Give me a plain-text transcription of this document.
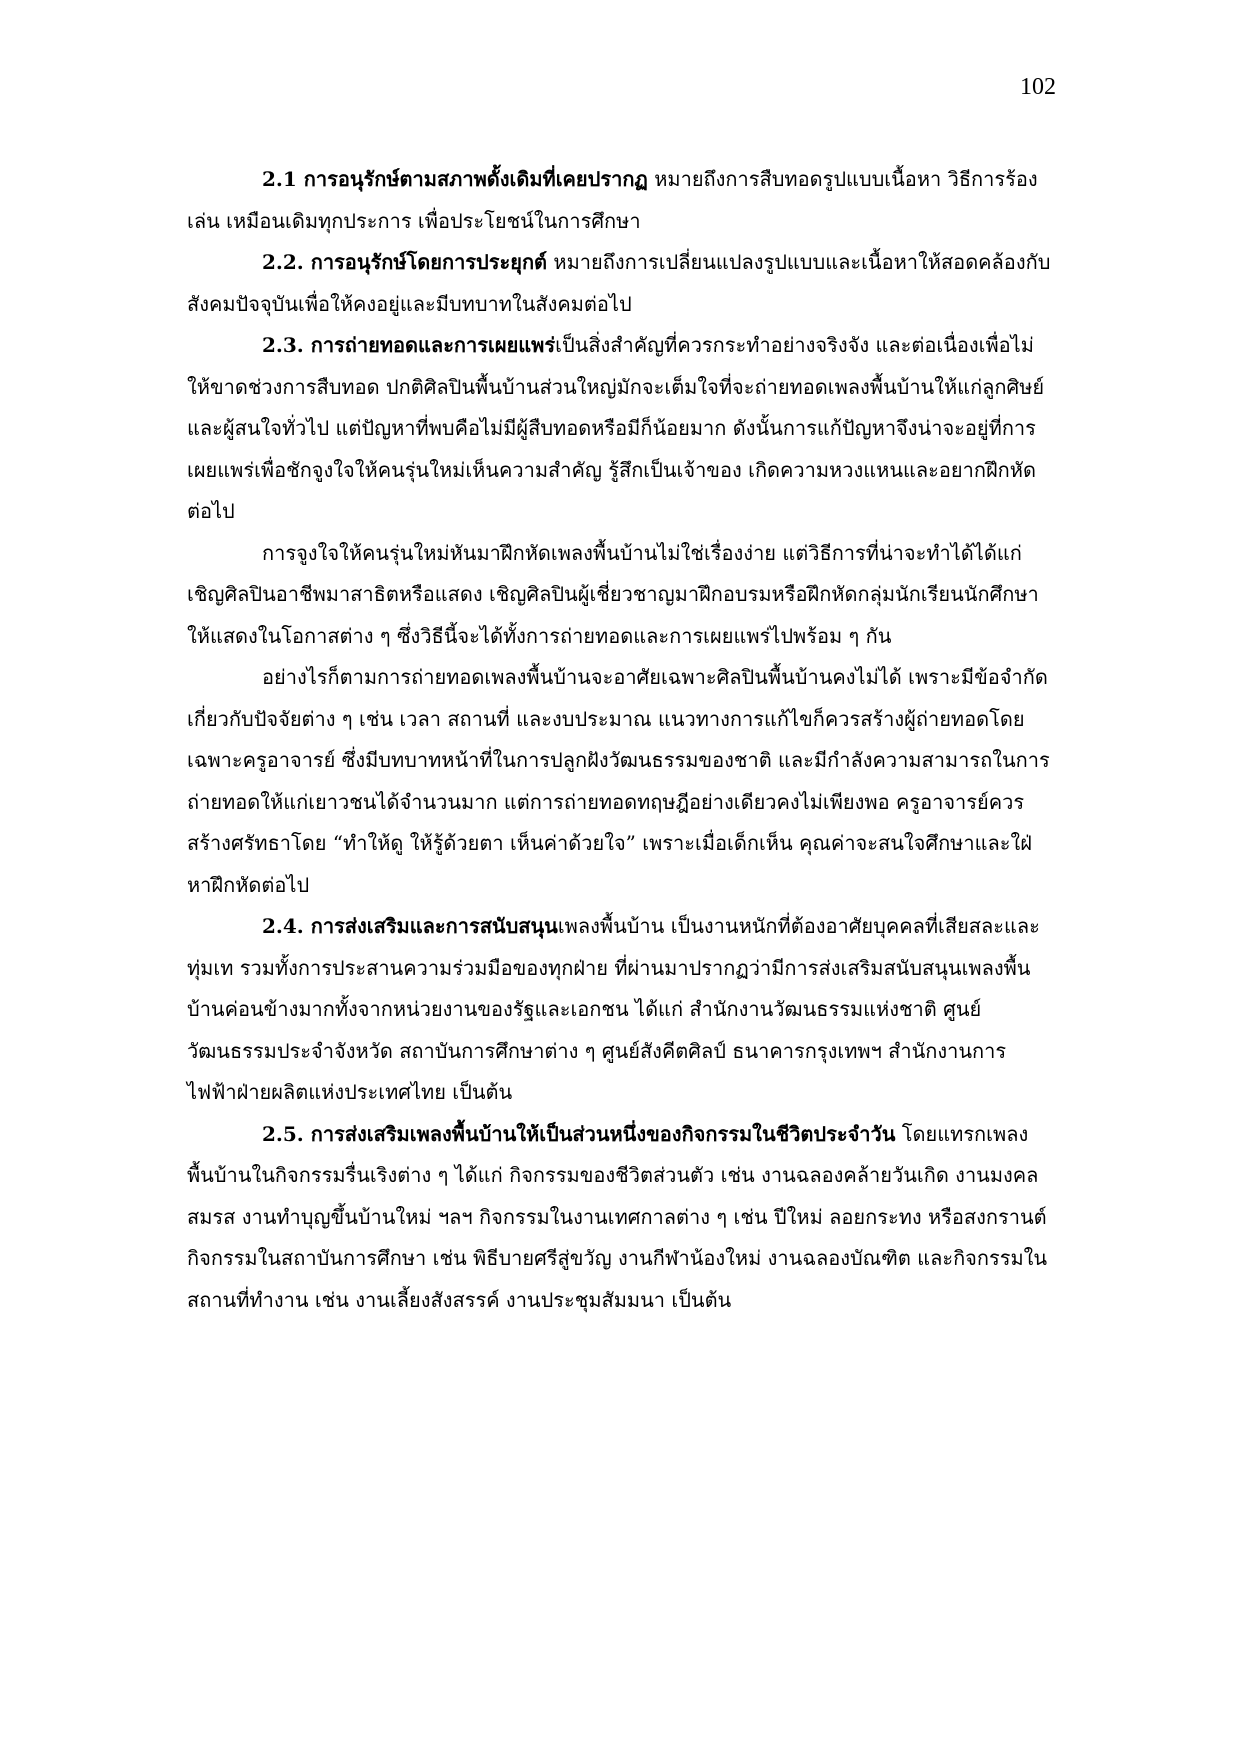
102

2.1 การอนุรักษ์ตามสภาพดั้งเดิมที่เคยปรากฏ หมายถึงการสืบทอดรูปแบบเนื้อหา วิธีการร้อง เล่น เหมือนเดิมทุกประการ เพื่อประโยชน์ในการศึกษา

2.2. การอนุรักษ์โดยการประยุกต์ หมายถึงการเปลี่ยนแปลงรูปแบบและเนื้อหาให้สอดคล้องกับสังคมปัจจุบันเพื่อให้คงอยู่และมีบทบาทในสังคมต่อไป

2.3. การถ่ายทอดและการเผยแพร่เป็นสิ่งสำคัญที่ควรกระทำอย่างจริงจัง และต่อเนื่องเพื่อไม่ให้ขาดช่วงการสืบทอด ปกติศิลปินพื้นบ้านส่วนใหญ่มักจะเต็มใจที่จะถ่ายทอดเพลงพื้นบ้านให้แก่ลูกศิษย์และผู้สนใจทั่วไป แต่ปัญหาที่พบคือไม่มีผู้สืบทอดหรือมีก็น้อยมาก ดังนั้นการแก้ปัญหาจึงน่าจะอยู่ที่การเผยแพร่เพื่อชักจูงใจให้คนรุ่นใหม่เห็นความสำคัญ รู้สึกเป็นเจ้าของ เกิดความหวงแหนและอยากฝึกหัดต่อไป

การจูงใจให้คนรุ่นใหม่หันมาฝึกหัดเพลงพื้นบ้านไม่ใช่เรื่องง่าย แต่วิธีการที่น่าจะทำได้ได้แก่ เชิญศิลปินอาชีพมาสาธิตหรือแสดง เชิญศิลปินผู้เชี่ยวชาญมาฝึกอบรมหรือฝึกหัดกลุ่มนักเรียนนักศึกษาให้แสดงในโอกาสต่าง ๆ ซึ่งวิธีนี้จะได้ทั้งการถ่ายทอดและการเผยแพร่ไปพร้อม ๆ กัน

อย่างไรก็ตามการถ่ายทอดเพลงพื้นบ้านจะอาศัยเฉพาะศิลปินพื้นบ้านคงไม่ได้ เพราะมีข้อจำกัดเกี่ยวกับปัจจัยต่าง ๆ เช่น เวลา สถานที่ และงบประมาณ แนวทางการแก้ไขก็ควรสร้างผู้ถ่ายทอดโดยเฉพาะครูอาจารย์ ซึ่งมีบทบาทหน้าที่ในการปลูกฝังวัฒนธรรมของชาติ และมีกำลังความสามารถในการถ่ายทอดให้แก่เยาวชนได้จำนวนมาก แต่การถ่ายทอดทฤษฎีอย่างเดียวคงไม่เพียงพอ ครูอาจารย์ควรสร้างศรัทธาโดย “ทำให้ดู ให้รู้ด้วยตา เห็นค่าด้วยใจ” เพราะเมื่อเด็กเห็น คุณค่าจะสนใจศึกษาและใฝ่หาฝึกหัดต่อไป

2.4. การส่งเสริมและการสนับสนุนเพลงพื้นบ้าน เป็นงานหนักที่ต้องอาศัยบุคคลที่เสียสละและทุ่มเท รวมทั้งการประสานความร่วมมือของทุกฝ่าย ที่ผ่านมาปรากฏว่ามีการส่งเสริมสนับสนุนเพลงพื้นบ้านค่อนข้างมากทั้งจากหน่วยงานของรัฐและเอกชน ได้แก่ สำนักงานวัฒนธรรมแห่งชาติ ศูนย์วัฒนธรรมประจำจังหวัด สถาบันการศึกษาต่าง ๆ ศูนย์สังคีตศิลป์ ธนาคารกรุงเทพฯ สำนักงานการไฟฟ้าฝ่ายผลิตแห่งประเทศไทย เป็นต้น

2.5. การส่งเสริมเพลงพื้นบ้านให้เป็นส่วนหนึ่งของกิจกรรมในชีวิตประจำวัน โดยแทรกเพลงพื้นบ้านในกิจกรรมรื่นเริงต่าง ๆ ได้แก่ กิจกรรมของชีวิตส่วนตัว เช่น งานฉลองคล้ายวันเกิด งานมงคลสมรส งานทำบุญขึ้นบ้านใหม่ ฯลฯ กิจกรรมในงานเทศกาลต่าง ๆ เช่น ปีใหม่ ลอยกระทง หรือสงกรานต์ กิจกรรมในสถาบันการศึกษา เช่น พิธีบายศรีสู่ขวัญ งานกีฬาน้องใหม่ งานฉลองบัณฑิต และกิจกรรมในสถานที่ทำงาน เช่น งานเลี้ยงสังสรรค์ งานประชุมสัมมนา เป็นต้น
